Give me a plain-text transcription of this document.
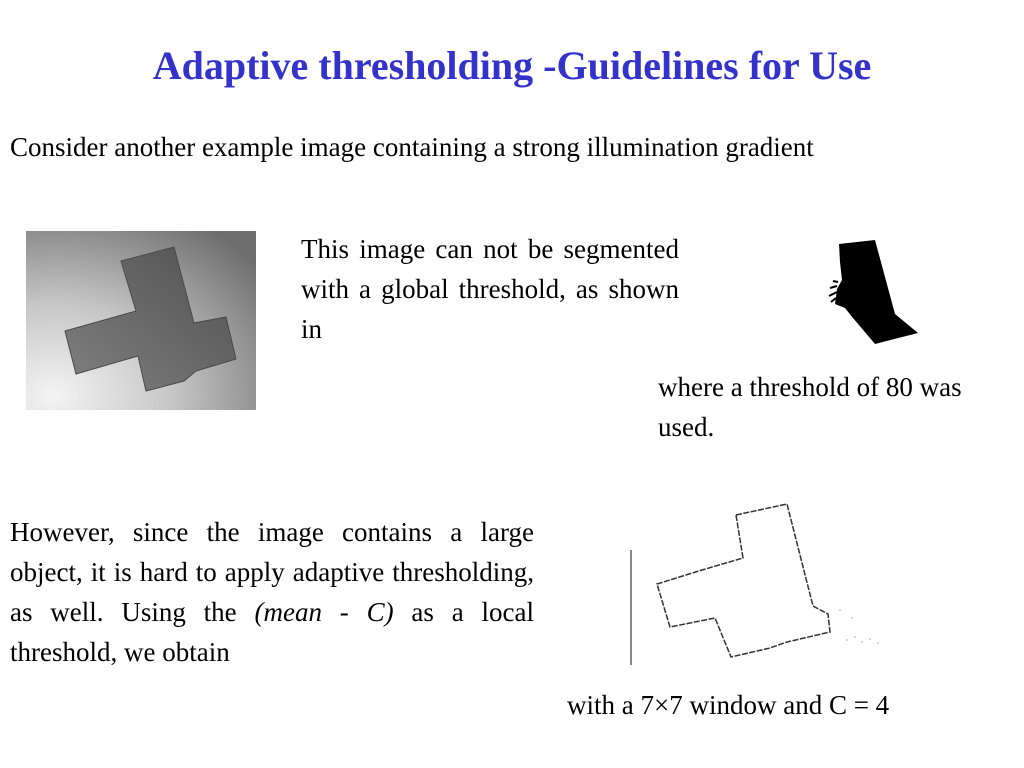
Adaptive thresholding -Guidelines for Use

Consider another example image containing a strong illumination gradient

This image can not be segmented with a global threshold, as shown in

where a threshold of 80 was used.

However, since the image contains a large object, it is hard to apply adaptive thresholding, as well. Using the (mean - C) as a local threshold, we obtain

with a 7×7 window and C = 4
